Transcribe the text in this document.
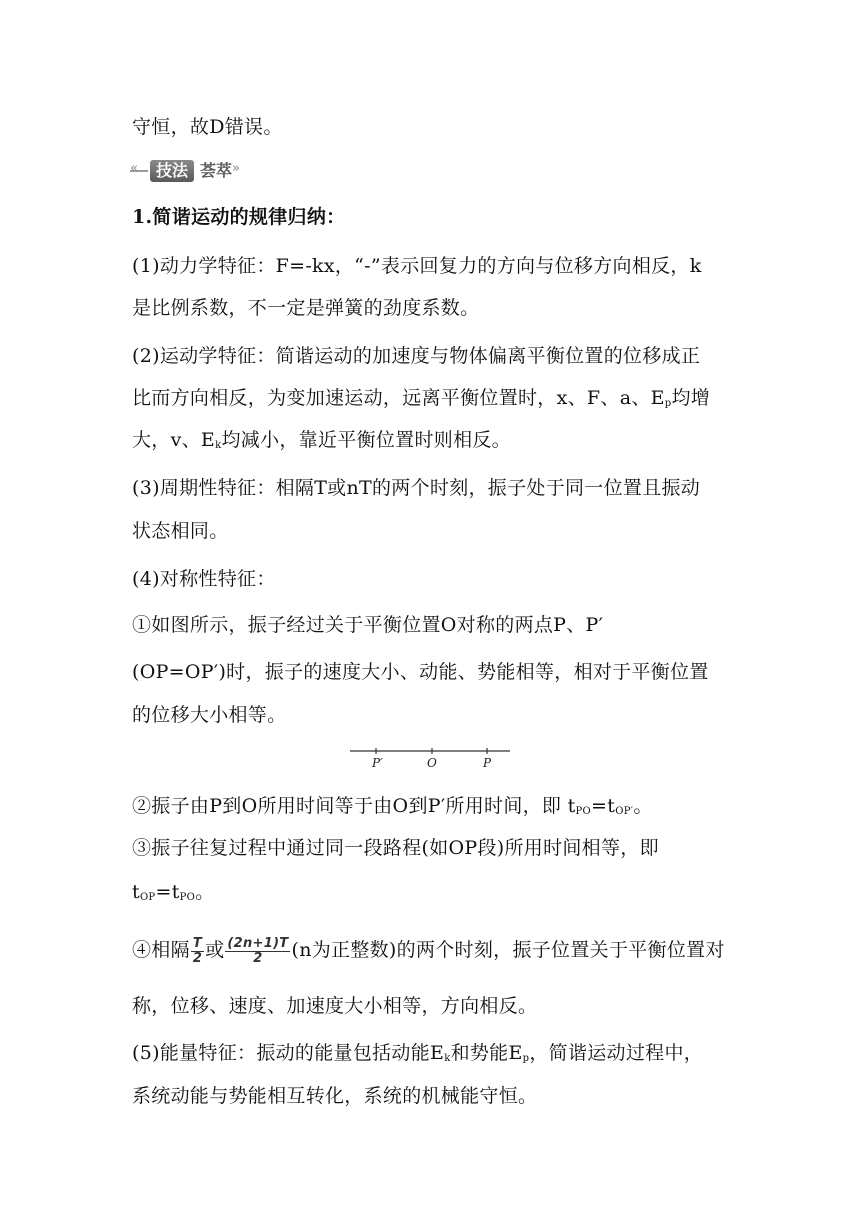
守恒，故D错误。
«	技法 荟萃 »
1.简谐运动的规律归纳：
(1)动力学特征：F=-kx，“-”表示回复力的方向与位移方向相反，k
是比例系数，不一定是弹簧的劲度系数。
(2)运动学特征：简谐运动的加速度与物体偏离平衡位置的位移成正
比而方向相反，为变加速运动，远离平衡位置时，x、F、a、$E_p$均增
大，v、$E_k$均减小，靠近平衡位置时则相反。
(3)周期性特征：相隔T或nT的两个时刻，振子处于同一位置且振动
状态相同。
(4)对称性特征：
①如图所示，振子经过关于平衡位置O对称的两点P、P′
(OP=OP′)时，振子的速度大小、动能、势能相等，相对于平衡位置
的位移大小相等。
P′	O	P
②振子由P到O所用时间等于由O到P′所用时间，即 $t_{PO}=t_{OP'}$。
③振子往复过程中通过同一段路程(如OP段)所用时间相等，即
$t_{OP}=t_{PO}$。
④相隔 $\frac{T}{2}$ 或 $\frac{(2n+1)T}{2} (n$为正整数)的两个时刻，振子位置关于平衡位置对
称，位移、速度、加速度大小相等，方向相反。
(5)能量特征：振动的能量包括动能$E_k$和势能$E_p$，简谐运动过程中，
系统动能与势能相互转化，系统的机械能守恒。
